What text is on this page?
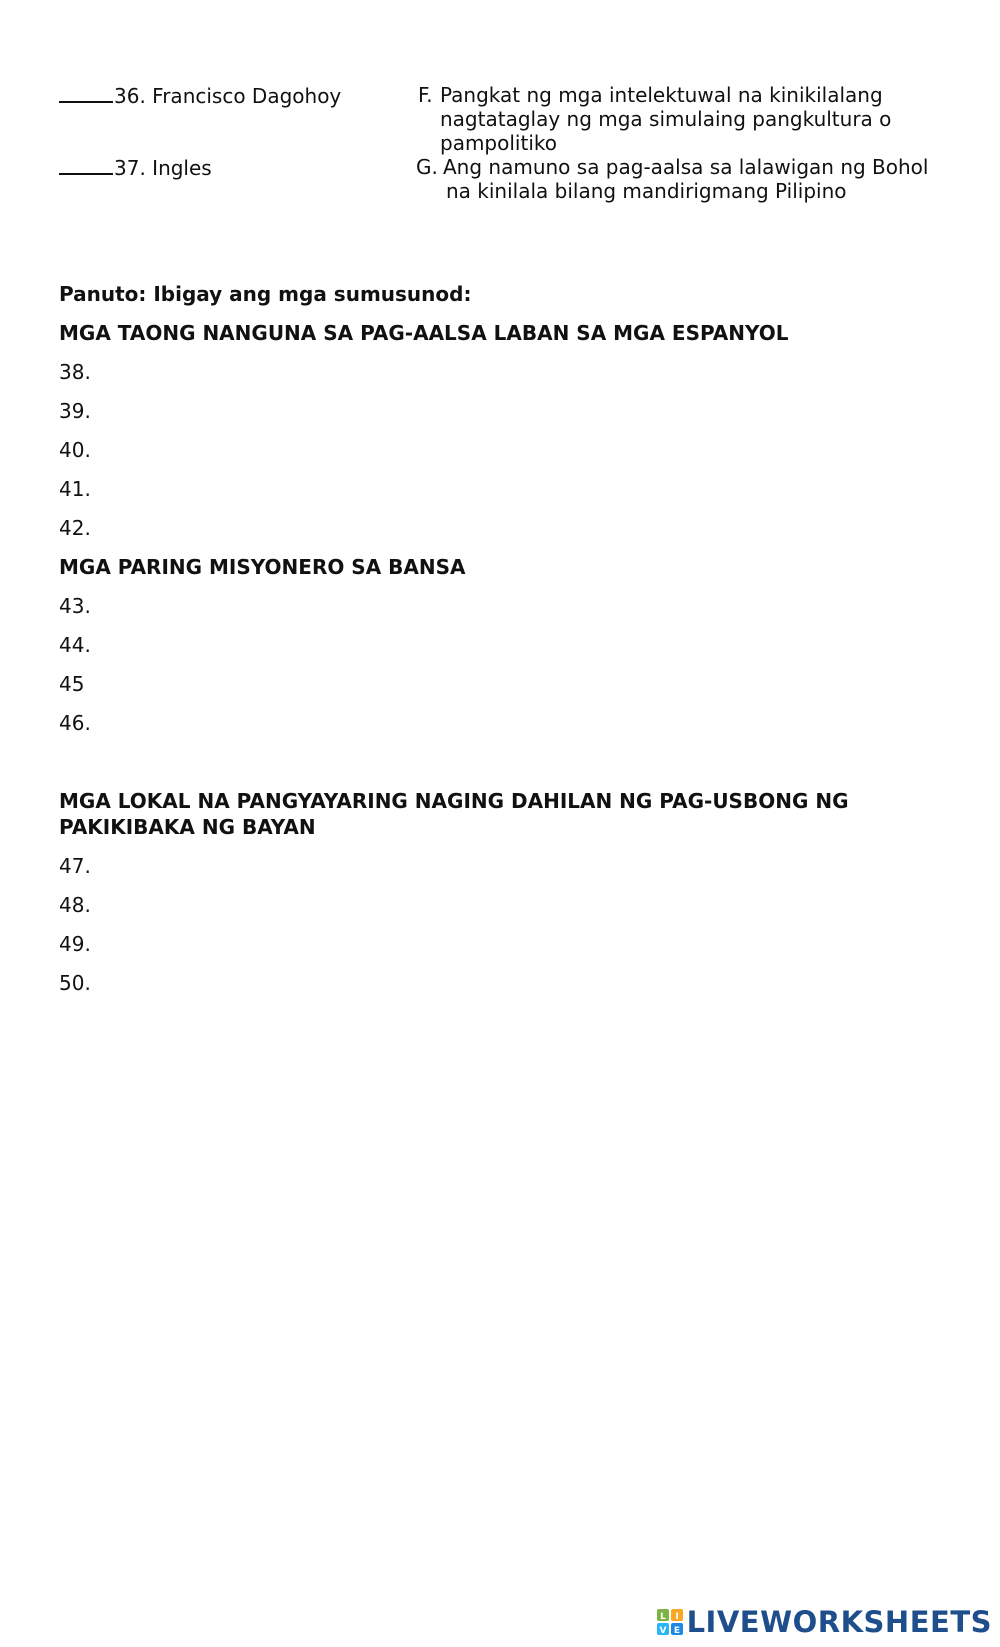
36. Francisco Dagohoy	F. Pangkat ng mga intelektuwal na kinikilalang
nagtataglay ng mga simulaing pangkultura o
pampolitiko
37. Ingles	G. Ang namuno sa pag-aalsa sa lalawigan ng Bohol
na kinilala bilang mandirigmang Pilipino
Panuto: Ibigay ang mga sumusunod:
MGA TAONG NANGUNA SA PAG-AALSA LABAN SA MGA ESPANYOL
38.
39.
40.
41.
42.
MGA PARING MISYONERO SA BANSA
43.
44.
45
46.
MGA LOKAL NA PANGYAYARING NAGING DAHILAN NG PAG-USBONG NG PAKIKIBAKA NG BAYAN
47.
48.
49.
50.
L I
V E LIVEWORKSHEETS
